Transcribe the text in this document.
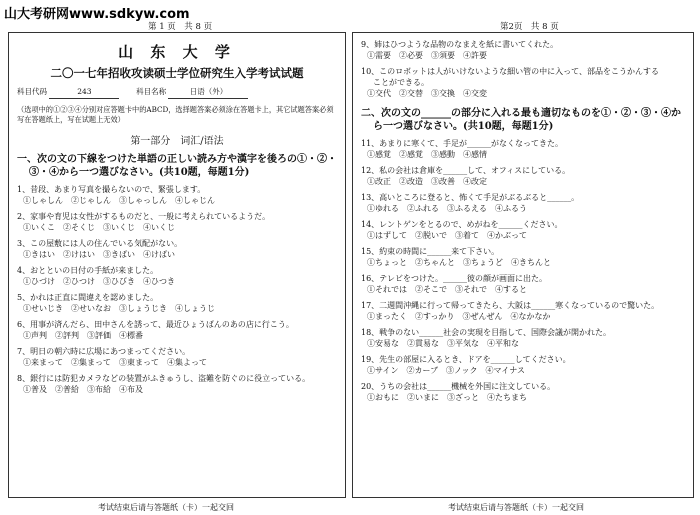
山大考研网www.sdkyw.com
第 1 页　共 8 页	第2页　共 8 页
山 东 大 学
二〇一七年招收攻读硕士学位研究生入学考试试题
科目代码	243	科目名称	日语（外）
（选项中的①②③④分别对应答题卡中的ABCD，选择题答案必须涂在答题卡上，其它试题答案必须写在答题纸上，写在试题上无效）
第一部分　词汇/语法
一、次の文の下線をつけた単語の正しい読み方や漢字を後ろの①・②・
③・④から一つ選びなさい。(共10题，每题1分)
1、昔段、あまり写真を撮らないので、緊張します。
①しゃしん　②じゃしん　③しゃっしん　④しゃじん
2、家事や育児は女性がするものだと、一般に考えられているようだ。
①いくこ　②そくじ　③いくじ　④いくじ
3、この屋敷には人の住んでいる気配がない。
①きはい　②けはい　③きばい　④けばい
4、おとといの日付の手紙が来ました。
①ひづけ　②ひつけ　③ひびき　④ひつき
5、かれは正直に間違えを認めました。
①せいじき　②せいなお　③しょうじき　④しょうじ
6、用事が済んだら、田中さんを誘って、最近ひょうばんのあの店に行こう。
①声判　②評判　③評価　④標番
7、明日の朝六時に広場にあつまってください。
①来まって　②集まって　③東まって　④集よって
8、銀行には防犯カメラなどの装置がふきゅうし、盗難を防ぐのに役立っている。
①普及　②普給　③布給　④布及
9、姉はひつような品物のなまえを紙に書いてくれた。
①需要　②必要　③須要　④許要
10、このロボットは人がいけないような細い管の中に入って、部品をこうかんする
ことができる。
①交代　②交替　③交換　④交変
二、次の文の______の部分に入れる最も適切なものを①・②・③・④か
ら一つ選びなさい。(共10题，每题1分)
11、あまりに寒くて、手足が______がなくなってきた。
①感覚　②感覚　③感動　④感情
12、私の会社は倉庫を______して、オフィスにしている。
①改正　②改造　③改善　④改定
13、高いところに登ると、怖くて手足がぶるぶると______。
①ゆれる　②ふれる　③ふるえる　④ふるう
14、レントゲンをとるので、めがねを______ください。
①はずして　②脱いで　③着て　④かぶって
15、約束の時間に______来て下さい。
①ちょっと　②ちゃんと　③ちょうど　④きちんと
16、テレビをつけた。______彼の顔が画面に出た。
①それでは　②そこで　③それで　④すると
17、二週間沖縄に行って帰ってきたら、大阪は______寒くなっているので驚いた。
①まったく　②すっかり　③ぜんぜん　④なかなか
18、戦争のない______社会の実現を目指して、国際会議が開かれた。
①安易な　②貫易な　③平気な　④平和な
19、先生の部屋に入るとき、ドアを______してください。
①サイン　②カーブ　③ノック　④マイナス
20、うちの会社は______機械を外国に注文している。
①おもに　②いまに　③ざっと　④たちまち
考试结束后请与答题纸（卡）一起交回	考试结束后请与答题纸（卡）一起交回
